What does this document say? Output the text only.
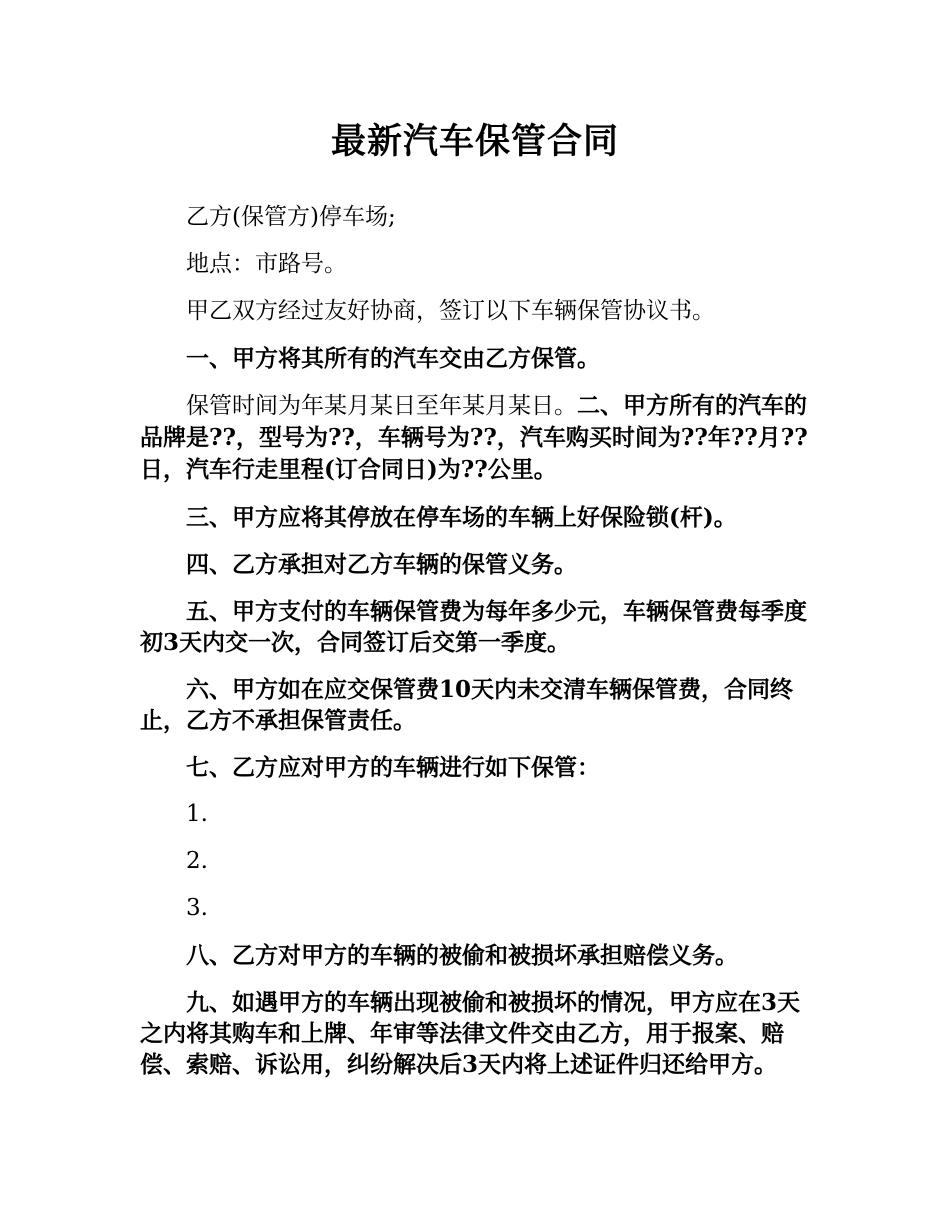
最新汽车保管合同

乙方(保管方)停车场;

地点：市路号。

甲乙双方经过友好协商，签订以下车辆保管协议书。

一、甲方将其所有的汽车交由乙方保管。

保管时间为年某月某日至年某月某日。二、甲方所有的汽车的品牌是??，型号为??，车辆号为??，汽车购买时间为??年??月??日，汽车行走里程(订合同日)为??公里。

三、甲方应将其停放在停车场的车辆上好保险锁(杆)。

四、乙方承担对乙方车辆的保管义务。

五、甲方支付的车辆保管费为每年多少元，车辆保管费每季度初3天内交一次，合同签订后交第一季度。

六、甲方如在应交保管费10天内未交清车辆保管费，合同终止，乙方不承担保管责任。

七、乙方应对甲方的车辆进行如下保管：

1.

2.

3.

八、乙方对甲方的车辆的被偷和被损坏承担赔偿义务。

九、如遇甲方的车辆出现被偷和被损坏的情况，甲方应在3天之内将其购车和上牌、年审等法律文件交由乙方，用于报案、赔偿、索赔、诉讼用，纠纷解决后3天内将上述证件归还给甲方。
